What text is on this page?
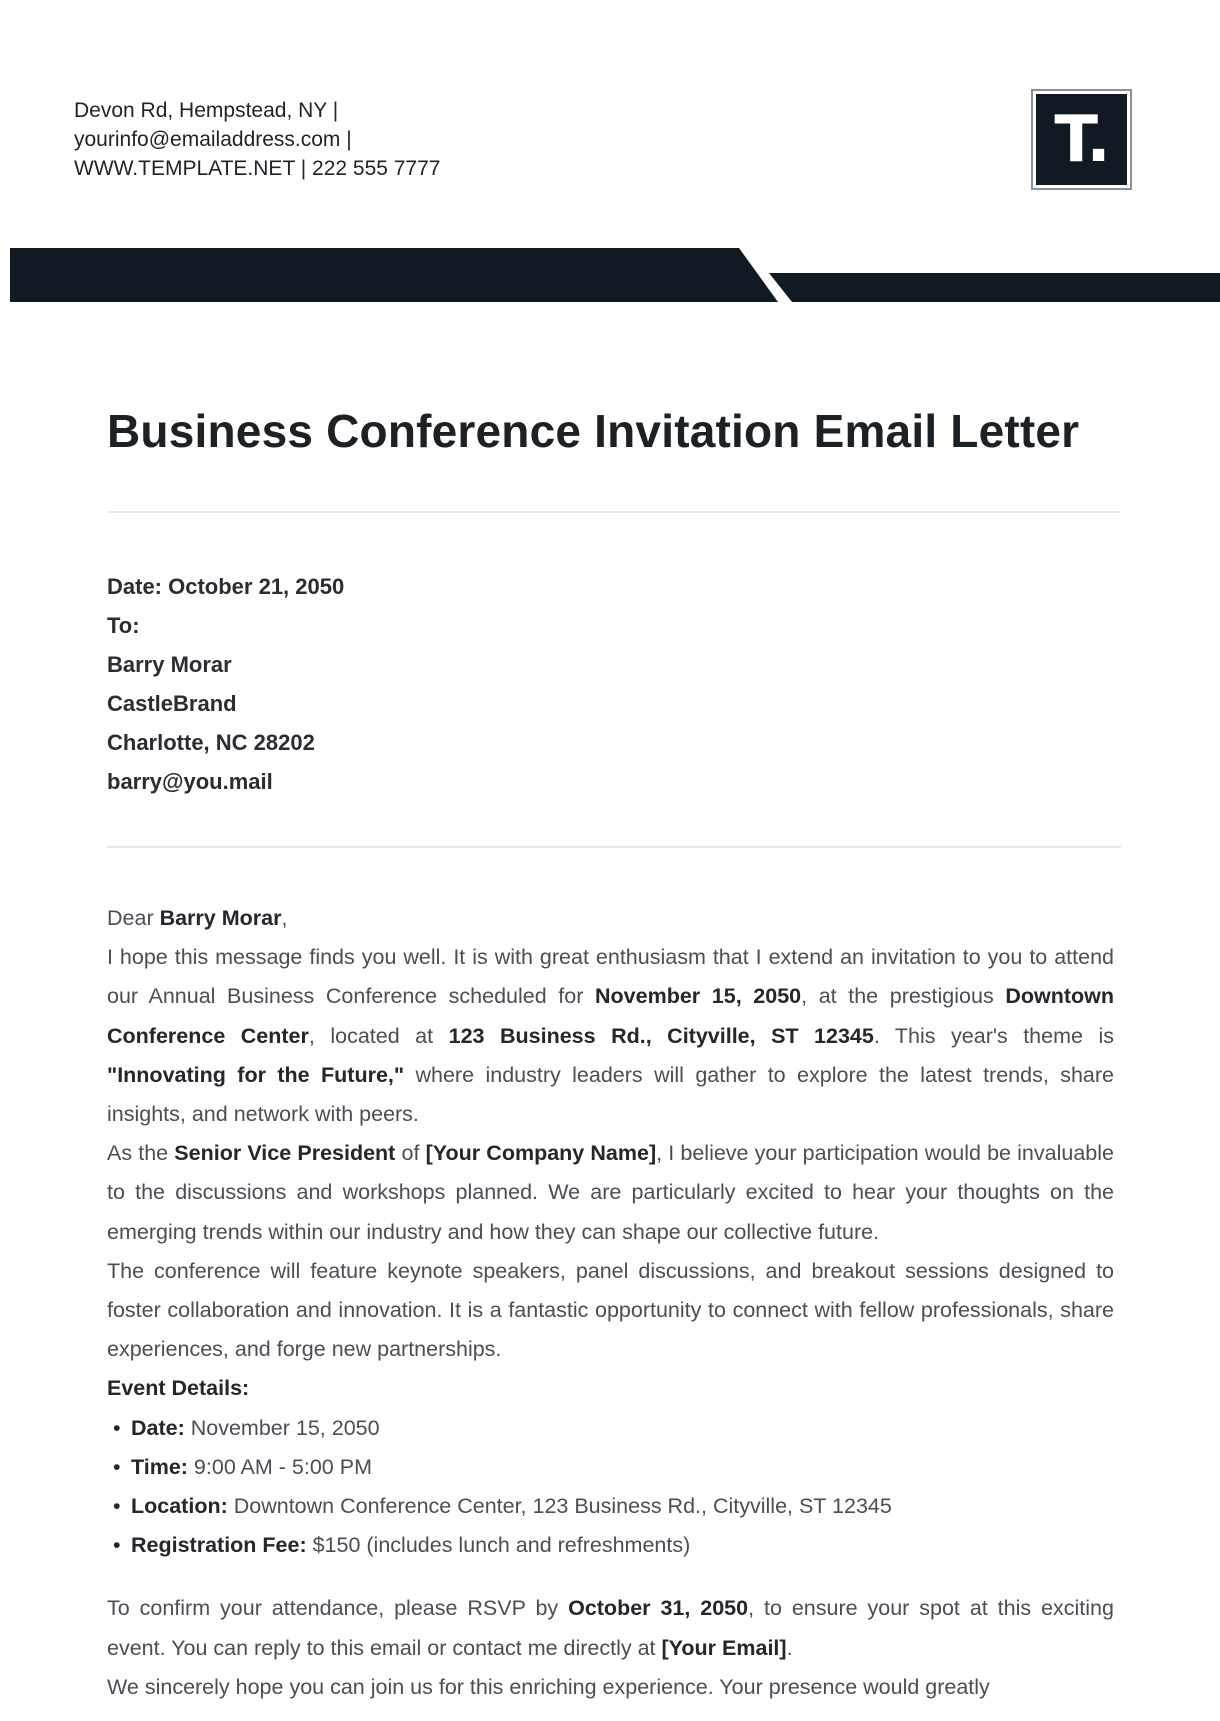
Devon Rd, Hempstead, NY |
yourinfo@emailaddress.com |
WWW.TEMPLATE.NET | 222 555 7777	T.
Business Conference Invitation Email Letter
Date: October 21, 2050
To:
Barry Morar
CastleBrand
Charlotte, NC 28202
barry@you.mail

Dear Barry Morar,

I hope this message finds you well. It is with great enthusiasm that I extend an invitation to you to attend our Annual Business Conference scheduled for November 15, 2050, at the prestigious Downtown Conference Center, located at 123 Business Rd., Cityville, ST 12345. This year's theme is "Innovating for the Future," where industry leaders will gather to explore the latest trends, share insights, and network with peers.

As the Senior Vice President of [Your Company Name], I believe your participation would be invaluable to the discussions and workshops planned. We are particularly excited to hear your thoughts on the emerging trends within our industry and how they can shape our collective future.

The conference will feature keynote speakers, panel discussions, and breakout sessions designed to foster collaboration and innovation. It is a fantastic opportunity to connect with fellow professionals, share experiences, and forge new partnerships.

Event Details:
• Date: November 15, 2050
• Time: 9:00 AM - 5:00 PM
• Location: Downtown Conference Center, 123 Business Rd., Cityville, ST 12345
• Registration Fee: $150 (includes lunch and refreshments)

To confirm your attendance, please RSVP by October 31, 2050, to ensure your spot at this exciting event. You can reply to this email or contact me directly at [Your Email].

We sincerely hope you can join us for this enriching experience. Your presence would greatly
